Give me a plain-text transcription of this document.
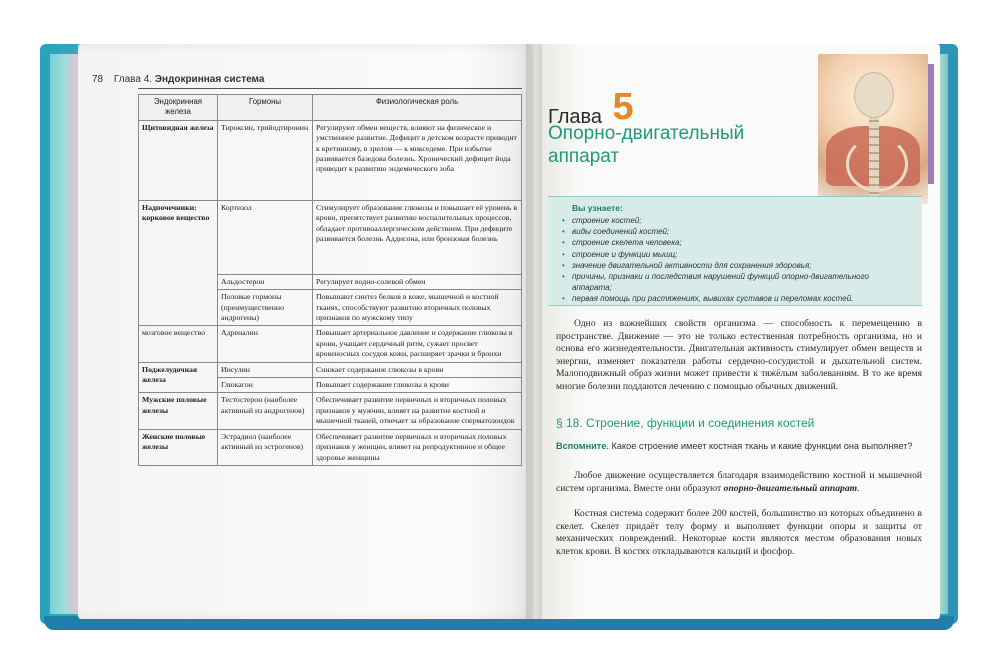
78 Глава 4. Эндокринная система
Эндокринная железа	Гормоны	Физиологическая роль
Щитовидная железа	Тироксин, трийодтиронин	Регулируют обмен веществ, влияют на физическое и умственное развитие. Дефицит в детском возрасте приводит к кретинизму, в зрелом — к микседеме. При избытке развивается базедова болезнь. Хронический дефицит йода приводит к развитию эндемического зоба
Надпочечники: корковое вещество	Кортизол	Стимулирует образование глюкозы и повышает её уровень в крови, препятствует развитию воспалительных процессов, обладает противоаллергическим действием. При дефиците развивается болезнь Аддисона, или бронзовая болезнь
	Альдостерон	Регулирует водно-солевой обмен
	Половые гормоны (преимущественно андрогены)	Повышают синтез белков в коже, мышечной и костной тканях, способствуют развитию вторичных половых признаков по мужскому типу
мозговое вещество	Адреналин	Повышает артериальное давление и содержание глюкозы в крови, учащает сердечный ритм, сужает просвет кровеносных сосудов кожи, расширяет зрачки и бронхи
Поджелудочная железа	Инсулин	Снижает содержание глюкозы в крови
	Глюкагон	Повышает содержание глюкозы в крови
Мужские половые железы	Тестостерон (наиболее активный из андрогенов)	Обеспечивает развитие первичных и вторичных половых признаков у мужчин, влияет на развитие костной и мышечной тканей, отвечает за образование сперматозоидов
Женские половые железы	Эстрадиол (наиболее активный из эстрогенов)	Обеспечивает развитие первичных и вторичных половых признаков у женщин, влияет на репродуктивное и общее здоровье женщины
Глава 5
Опорно-двигательный аппарат
Вы узнаете:
• строение костей;
• виды соединений костей;
• строение скелета человека;
• строение и функции мышц;
• значение двигательной активности для сохранения здоровья;
• причины, признаки и последствия нарушений функций опорно-двигательного аппарата;
• первая помощь при растяжениях, вывихах суставов и переломах костей.
Одно из важнейших свойств организма — способность к перемещению в пространстве. Движение — это не только естественная потребность организма, но и основа его жизнедеятельности. Двигательная активность стимулирует обмен веществ и энергии, изменяет показатели работы сердечно-сосудистой и дыхательной систем. Малоподвижный образ жизни может привести к тяжёлым заболеваниям. В то же время многие болезни поддаются лечению с помощью обычных движений.
§ 18. Строение, функции и соединения костей
Вспомните. Какое строение имеет костная ткань и какие функции она выполняет?
Любое движение осуществляется благодаря взаимодействию костной и мышечной систем организма. Вместе они образуют опорно-двигательный аппарат.
Костная система содержит более 200 костей, большинство из которых объединено в скелет. Скелет придаёт телу форму и выполняет функции опоры и защиты от механических повреждений. Некоторые кости являются местом образования новых клеток крови. В костях откладываются кальций и фосфор.
